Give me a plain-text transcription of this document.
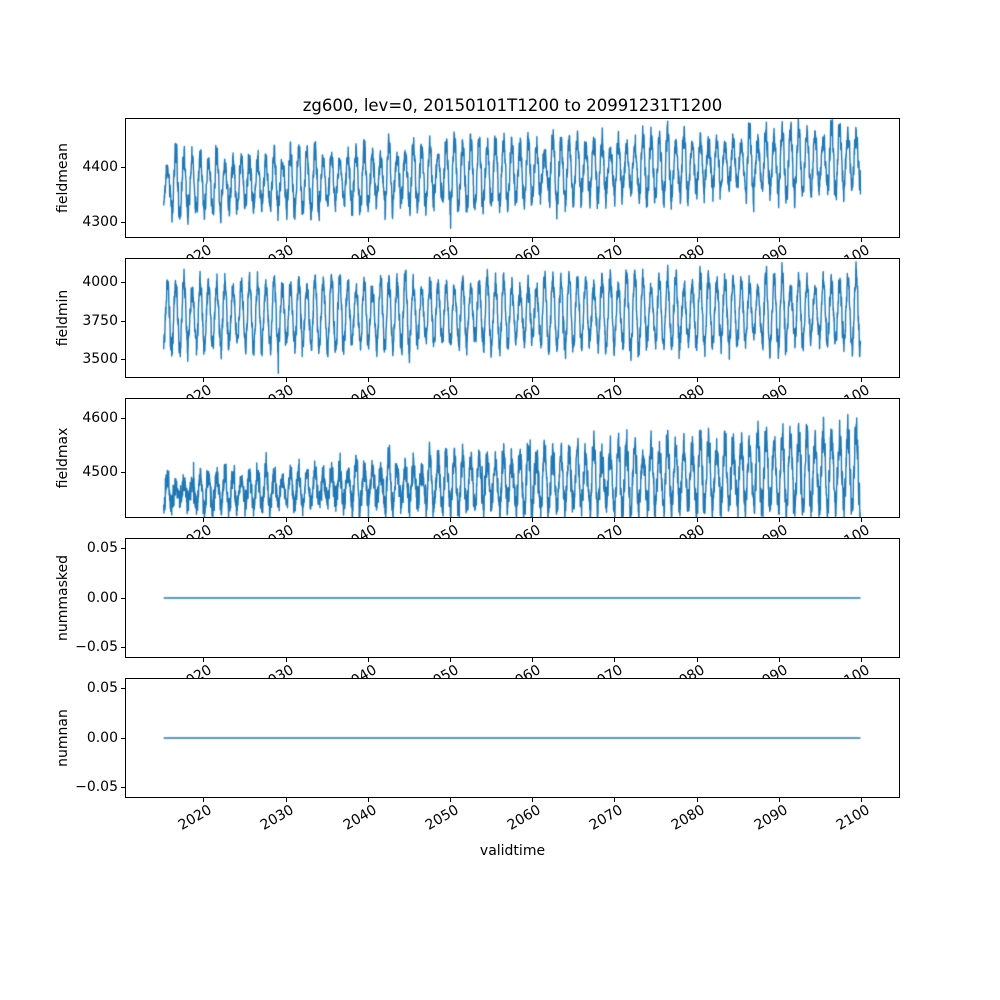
zg600, lev=0, 20150101T1200 to 20991231T1200
fieldmean
4300
4400
fieldmin
3500
3750
4000
fieldmax 4500
4600
nummasked
−0.05
0.00
0.05
numnan
−0.05
0.00
0.05
2020	2030	2040	2050	2060	2070	2080	2090	2100
validtime
